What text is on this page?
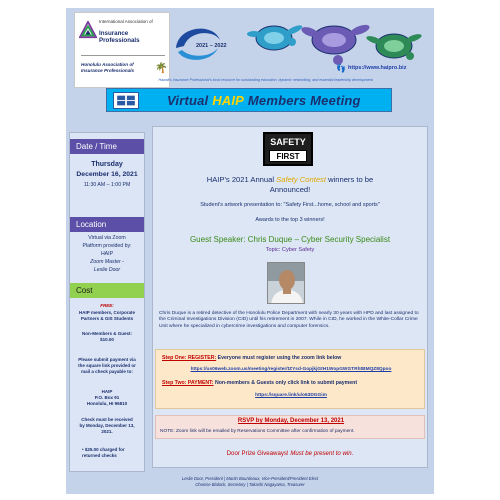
International Association of
Insurance Professionals
Honolulu Association of Insurance Professionals	🌴
2021 – 2022
👣 https://www.haipro.biz
Hawaii's Insurance Professional's local resource for outstanding education, dynamic networking, and essential leadership development.
Virtual HAIP Members Meeting
Date / Time
Thursday
December 16, 2021
11:30 AM – 1:00 PM
Location
Virtual via Zoom
Platform provided by:
HAIP
Zoom Master -
Leslie Door
Cost
FREE:
HAIP members, Corporate Partners & GIS Students
Non-Members & Guest: $10.00
Please submit payment via the square link provided or mail a check payable to:
HAIP
P.O. Box 91
Honolulu, HI 96810
Check must be received by Monday, December 13, 2021.
• $25.00 charged for returned checks
SAFETY
FIRST
HAIP's 2021 Annual Safety Contest winners to be Announced!
Student's artwork presentation to: "Safety First...home, school and sports"
Awards to the top 3 winners!
Guest Speaker: Chris Duque – Cyber Security Specialist
Topic: Cyber Safety
Chris Duque is a retired detective of the Honolulu Police Department with nearly 30 years with HPD and last assigned to the Criminal Investigations Division (CID) until his retirement in 2007. While in CID, he worked in the White-Collar Crime Unit where he specialized in cybercrime investigations and computer forensics.
Step One: REGISTER: Everyone must register using the zoom link below
https://us06web.zoom.us/meeting/register/tZYsd-GopjkjGtH1WopGWGTRhtBMQZ8Qpoo
Step Two: PAYMENT: Non-members & Guests only click link to submit payment
https://square.link/u/o63DGGim
RSVP by Monday, December 13, 2021
NOTE: Zoom link will be emailed by Reservations Committee after confirmation of payment.
Door Prize Giveaways! Must be present to win.
Leslie Door, President | Martin Bourdeaux, Vice-President/President Elect
Chonise Blalock, Secretary | Takashi Nagayama, Treasurer
